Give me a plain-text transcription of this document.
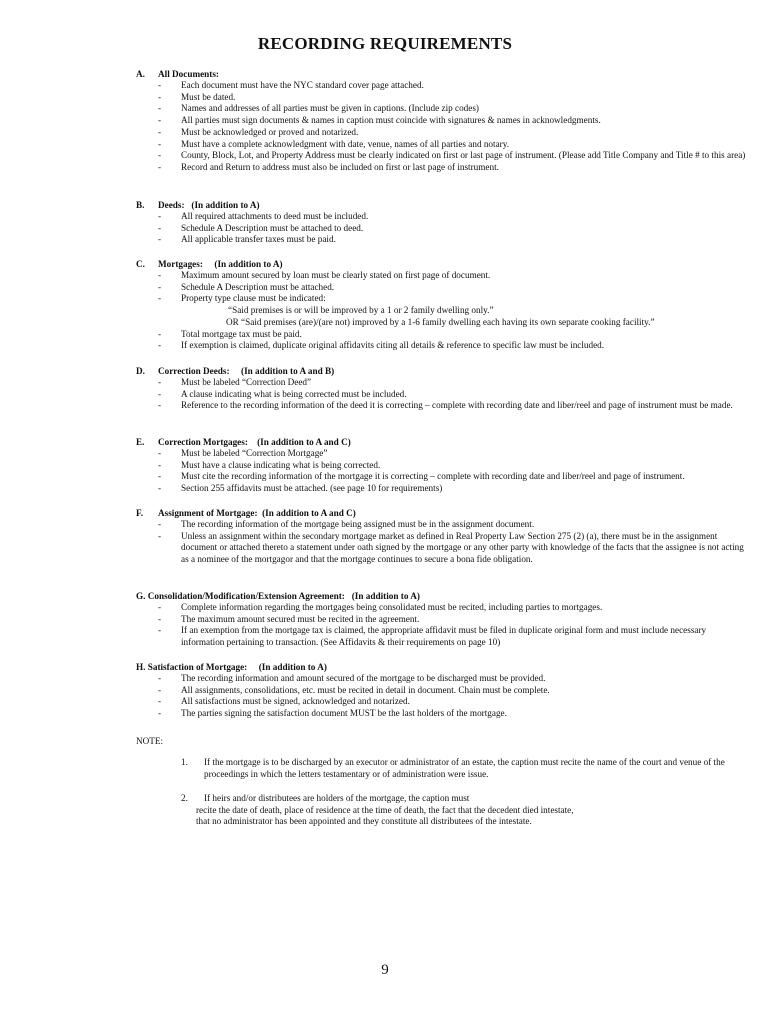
RECORDING REQUIREMENTS
A. All Documents:
- Each document must have the NYC standard cover page attached.
- Must be dated.
- Names and addresses of all parties must be given in captions. (Include zip codes)
- All parties must sign documents & names in caption must coincide with signatures & names in acknowledgments.
- Must be acknowledged or proved and notarized.
- Must have a complete acknowledgment with date, venue, names of all parties and notary.
- County, Block, Lot, and Property Address must be clearly indicated on first or last page of instrument. (Please add Title Company and Title # to this area)
- Record and Return to address must also be included on first or last page of instrument.
B. Deeds:   (In addition to A)
- All required attachments to deed must be included.
- Schedule A Description must be attached to deed.
- All applicable transfer taxes must be paid.
C. Mortgages:     (In addition to A)
- Maximum amount secured by loan must be clearly stated on first page of document.
- Schedule A Description must be attached.
- Property type clause must be indicated:
“Said premises is or will be improved by a 1 or 2 family dwelling only.”
OR “Said premises (are)/(are not) improved by a 1-6 family dwelling each having its own separate cooking facility.”
- Total mortgage tax must be paid.
- If exemption is claimed, duplicate original affidavits citing all details & reference to specific law must be included.
D. Correction Deeds:     (In addition to A and B)
- Must be labeled “Correction Deed”
- A clause indicating what is being corrected must be included.
- Reference to the recording information of the deed it is correcting – complete with recording date and liber/reel and page of instrument must be made.
E. Correction Mortgages:    (In addition to A and C)
- Must be labeled “Correction Mortgage”
- Must have a clause indicating what is being corrected.
- Must cite the recording information of the mortgage it is correcting – complete with recording date and liber/reel and page of instrument.
- Section 255 affidavits must be attached. (see page 10 for requirements)
F. Assignment of Mortgage:  (In addition to A and C)
- The recording information of the mortgage being assigned must be in the assignment document.
- Unless an assignment within the secondary mortgage market as defined in Real Property Law Section 275 (2) (a), there must be in the assignment document or attached thereto a statement under oath signed by the mortgage or any other party with knowledge of the facts that the assignee is not acting as a nominee of the mortgagor and that the mortgage continues to secure a bona fide obligation.
G. Consolidation/Modification/Extension Agreement:   (In addition to A)
- Complete information regarding the mortgages being consolidated must be recited, including parties to mortgages.
- The maximum amount secured must be recited in the agreement.
- If an exemption from the mortgage tax is claimed, the appropriate affidavit must be filed in duplicate original form and must include necessary information pertaining to transaction. (See Affidavits & their requirements on page 10)
H. Satisfaction of Mortgage:     (In addition to A)
- The recording information and amount secured of the mortgage to be discharged must be provided.
- All assignments, consolidations, etc. must be recited in detail in document. Chain must be complete.
- All satisfactions must be signed, acknowledged and notarized.
- The parties signing the satisfaction document MUST be the last holders of the mortgage.
NOTE:
1. If the mortgage is to be discharged by an executor or administrator of an estate, the caption must recite the name of the court and venue of the proceedings in which the letters testamentary or of administration were issue.
2. If heirs and/or distributees are holders of the mortgage, the caption must
recite the date of death, place of residence at the time of death, the fact that the decedent died intestate, that no administrator has been appointed and they constitute all distributees of the intestate.
9
